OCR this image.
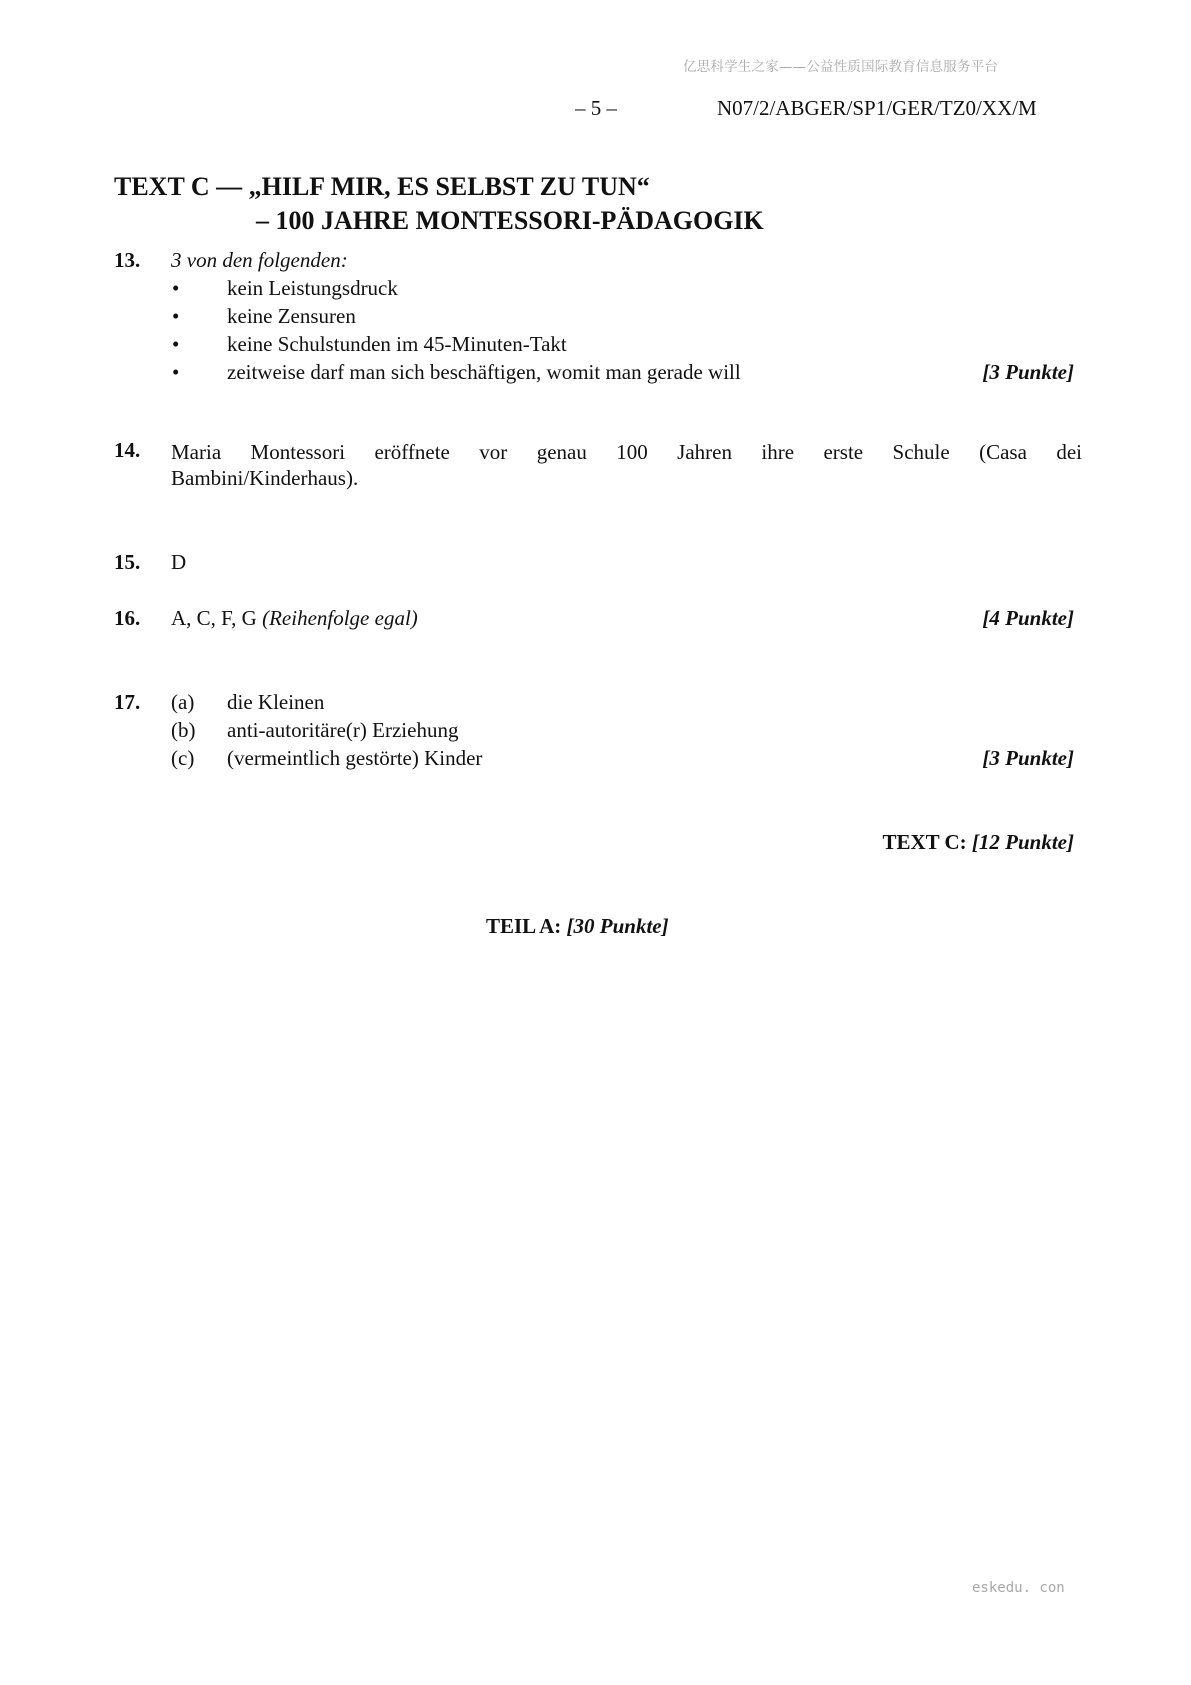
亿思科学生之家——公益性质国际教育信息服务平台
– 5 –	N07/2/ABGER/SP1/GER/TZ0/XX/M
TEXT C — „HILF MIR, ES SELBST ZU TUN“
– 100 JAHRE MONTESSORI-PÄDAGOGIK
13. 3 von den folgenden:
• kein Leistungsdruck
• keine Zensuren
• keine Schulstunden im 45-Minuten-Takt
• zeitweise darf man sich beschäftigen, womit man gerade will	[3 Punkte]
14. Maria Montessori eröffnete vor genau 100 Jahren ihre erste Schule (Casa dei
Bambini/Kinderhaus).
15. D
16. A, C, F, G (Reihenfolge egal)	[4 Punkte]
17. (a) die Kleinen
(b) anti-autoritäre(r) Erziehung
(c) (vermeintlich gestörte) Kinder	[3 Punkte]
TEXT C: [12 Punkte]
TEIL A: [30 Punkte]
eskedu. con
